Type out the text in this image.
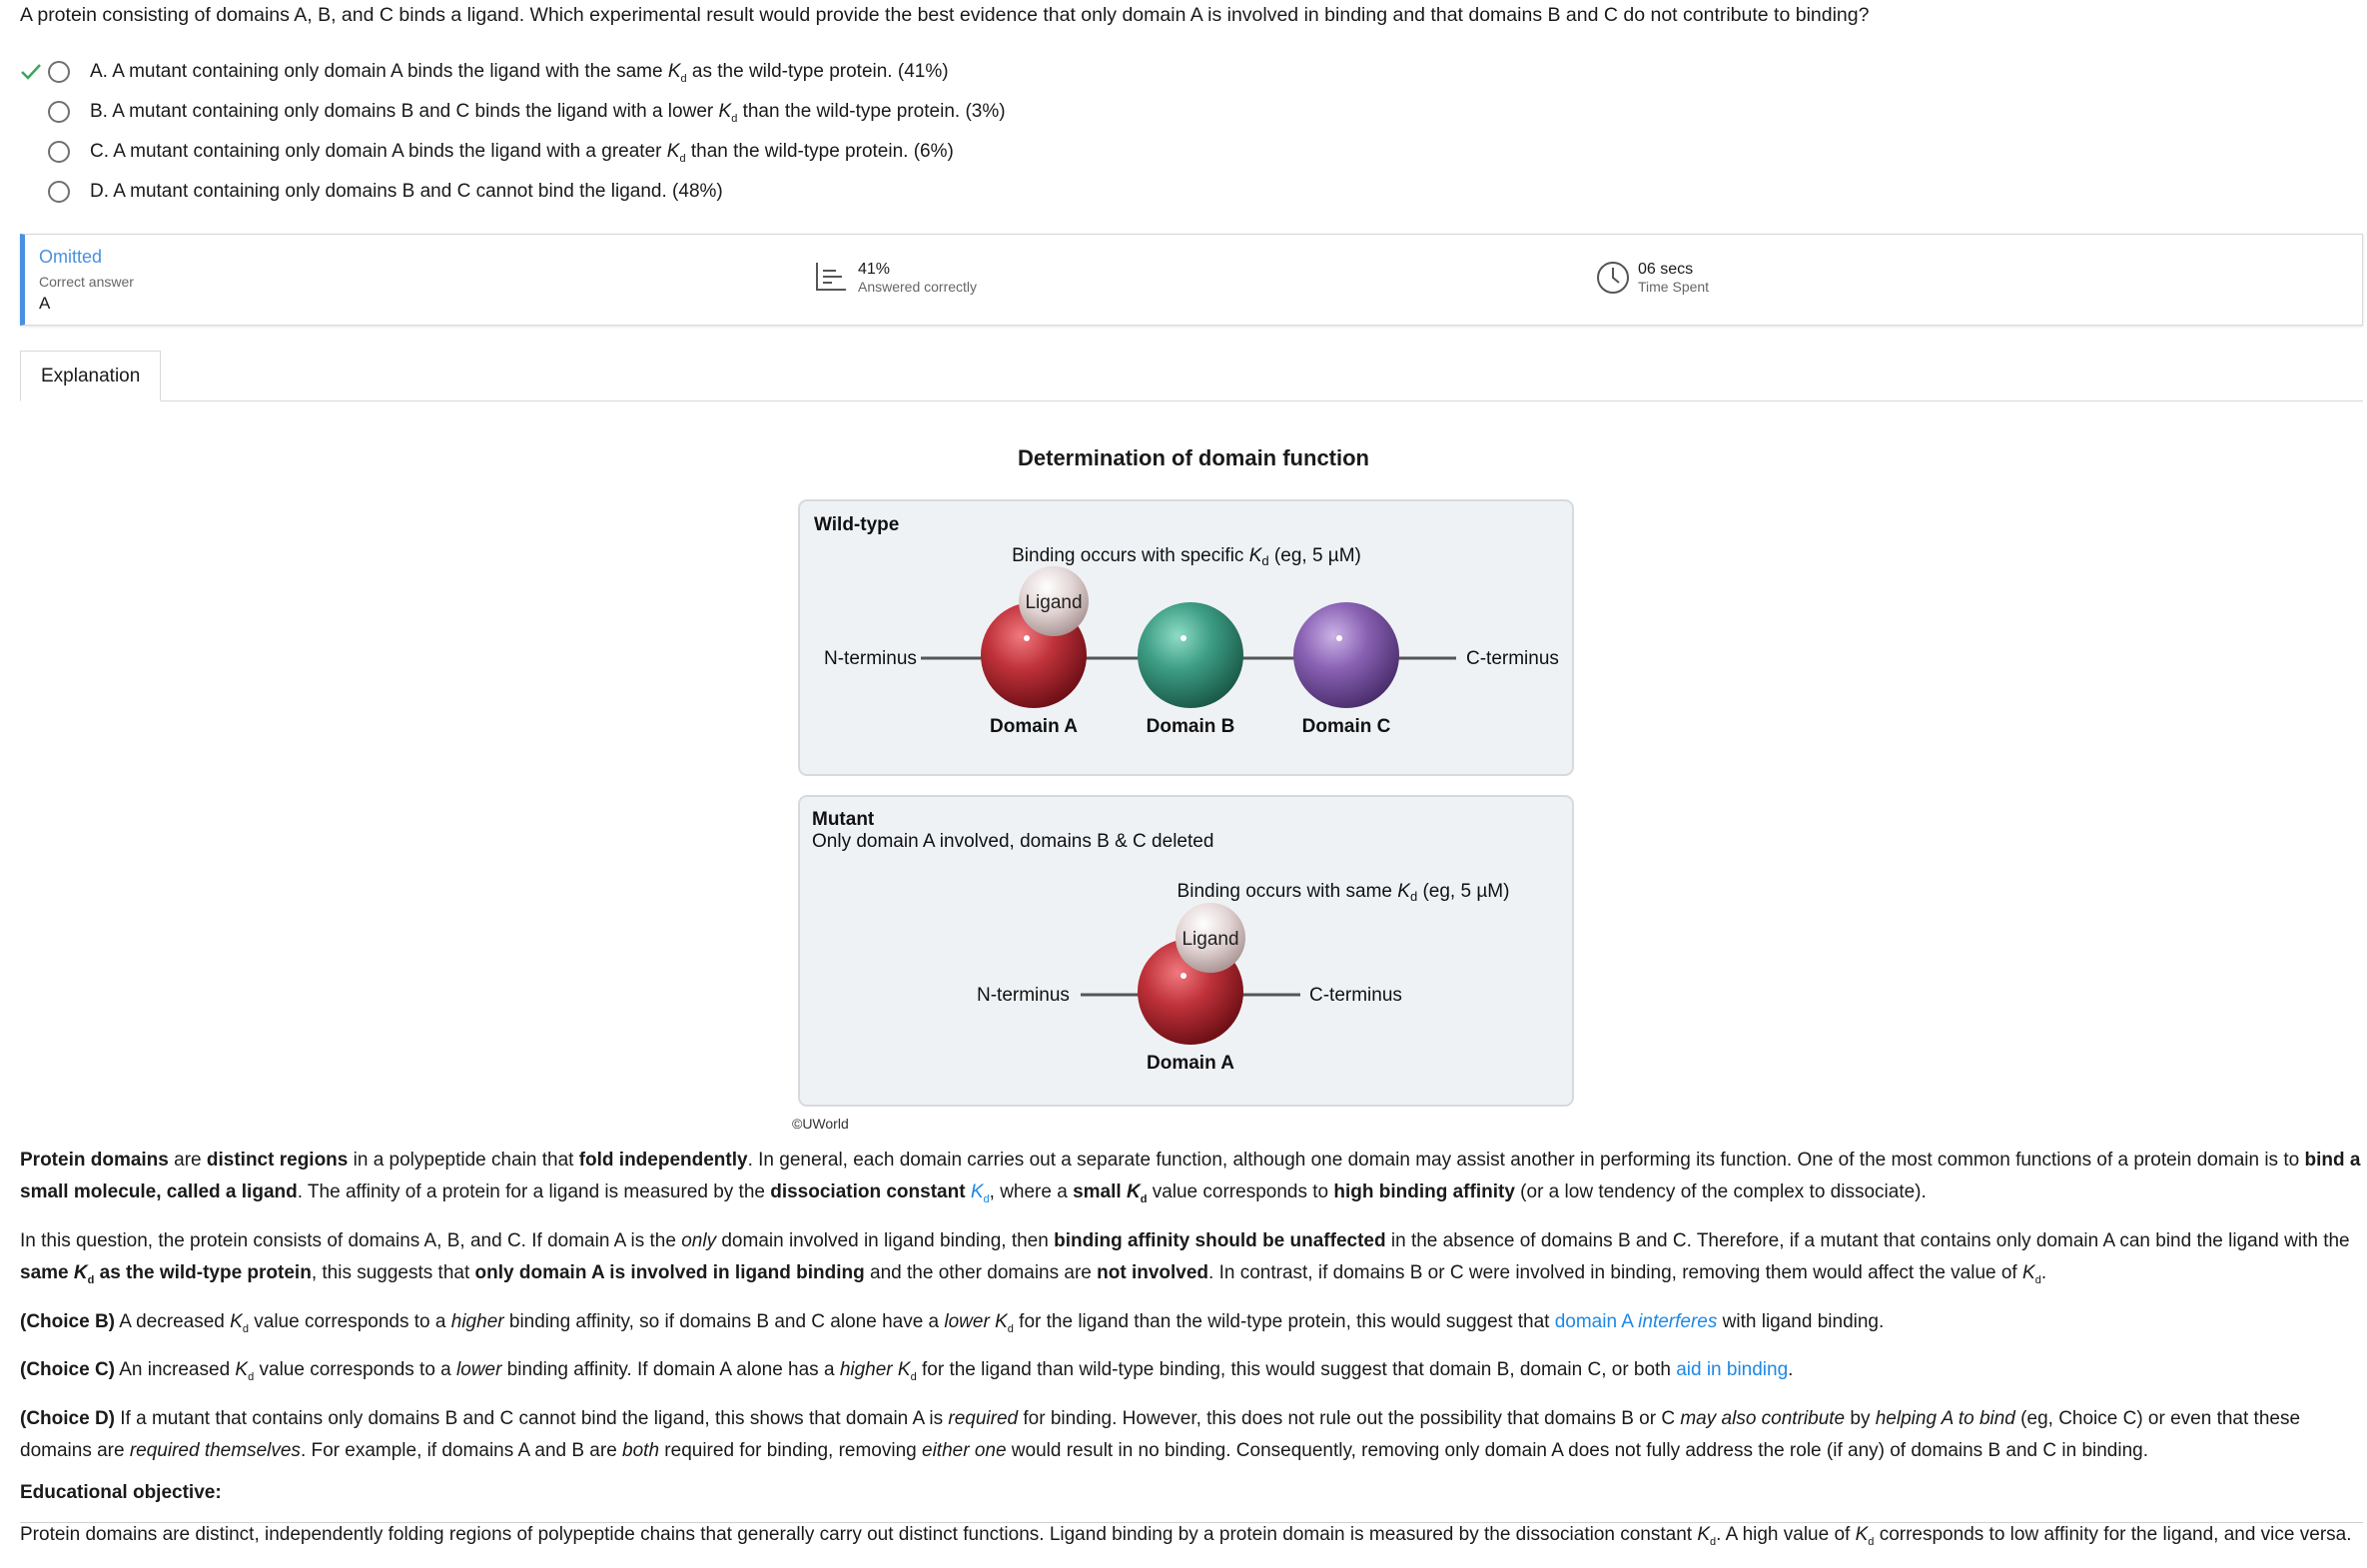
A protein consisting of domains A, B, and C binds a ligand. Which experimental result would provide the best evidence that only domain A is involved in binding and that domains B and C do not contribute to binding?
A. A mutant containing only domain A binds the ligand with the same $K_d$ as the wild-type protein. (41%)
B. A mutant containing only domains B and C binds the ligand with a lower $K_d$ than the wild-type protein. (3%)
C. A mutant containing only domain A binds the ligand with a greater $K_d$ than the wild-type protein. (6%)
D. A mutant containing only domains B and C cannot bind the ligand. (48%)
Omitted
Correct answer
A
41%
Answered correctly
06 secs
Time Spent
Explanation
Determination of domain function
Wild-type
Binding occurs with specific $K_d$ (eg, 5 µM)
N-terminus	C-terminus
Ligand
Domain A	Domain B	Domain C
Mutant
Only domain A involved, domains B & C deleted
Binding occurs with same $K_d$ (eg, 5 µM)
N-terminus	C-terminus
Ligand
Domain A
©UWorld

Protein domains are distinct regions in a polypeptide chain that fold independently. In general, each domain carries out a separate function, although one domain may assist another in performing its function. One of the most common functions of a protein domain is to bind a small molecule, called a ligand. The affinity of a protein for a ligand is measured by the dissociation constant $K_d$, where a small $K_d$ value corresponds to high binding affinity (or a low tendency of the complex to dissociate).

In this question, the protein consists of domains A, B, and C. If domain A is the only domain involved in ligand binding, then binding affinity should be unaffected in the absence of domains B and C. Therefore, if a mutant that contains only domain A can bind the ligand with the same $K_d$ as the wild-type protein, this suggests that only domain A is involved in ligand binding and the other domains are not involved. In contrast, if domains B or C were involved in binding, removing them would affect the value of $K_d$.

(Choice B) A decreased $K_d$ value corresponds to a higher binding affinity, so if domains B and C alone have a lower $K_d$ for the ligand than the wild-type protein, this would suggest that domain A interferes with ligand binding.

(Choice C) An increased $K_d$ value corresponds to a lower binding affinity. If domain A alone has a higher $K_d$ for the ligand than wild-type binding, this would suggest that domain B, domain C, or both aid in binding.

(Choice D) If a mutant that contains only domains B and C cannot bind the ligand, this shows that domain A is required for binding. However, this does not rule out the possibility that domains B or C may also contribute by helping A to bind (eg, Choice C) or even that these domains are required themselves. For example, if domains A and B are both required for binding, removing either one would result in no binding. Consequently, removing only domain A does not fully address the role (if any) of domains B and C in binding.

Educational objective:

Protein domains are distinct, independently folding regions of polypeptide chains that generally carry out distinct functions. Ligand binding by a protein domain is measured by the dissociation constant $K_d$. A high value of $K_d$ corresponds to low affinity for the ligand, and vice versa.
